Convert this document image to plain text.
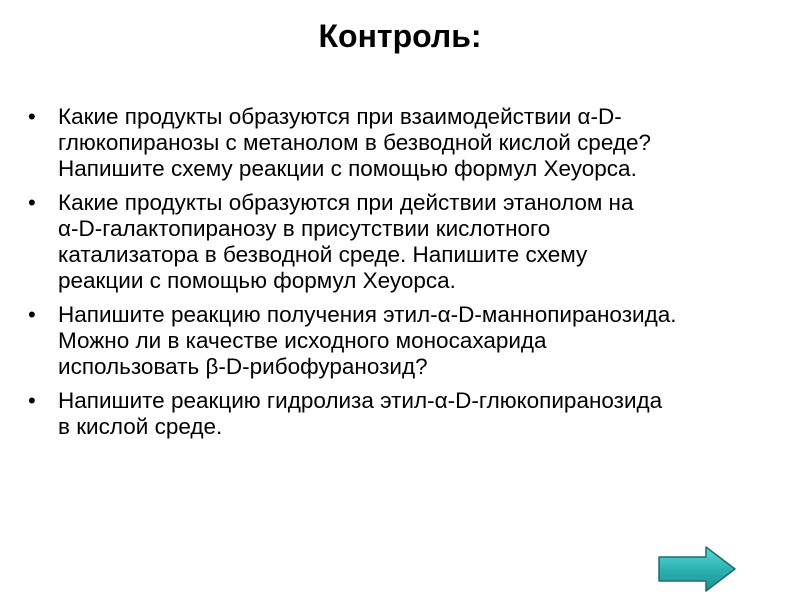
Контроль:
• Какие продукты образуются при взаимодействии α-D-
глюкопиранозы с метанолом в безводной кислой среде?
Напишите схему реакции с помощью формул Хеуорса.
• Какие продукты образуются при действии этанолом на
α-D-галактопиранозу в присутствии кислотного
катализатора в безводной среде. Напишите схему
реакции с помощью формул Хеуорса.
• Напишите реакцию получения этил-α-D-маннопиранозида.
Можно ли в качестве исходного моносахарида
использовать β-D-рибофуранозид?
• Напишите реакцию гидролиза этил-α-D-глюкопиранозида
в кислой среде.
